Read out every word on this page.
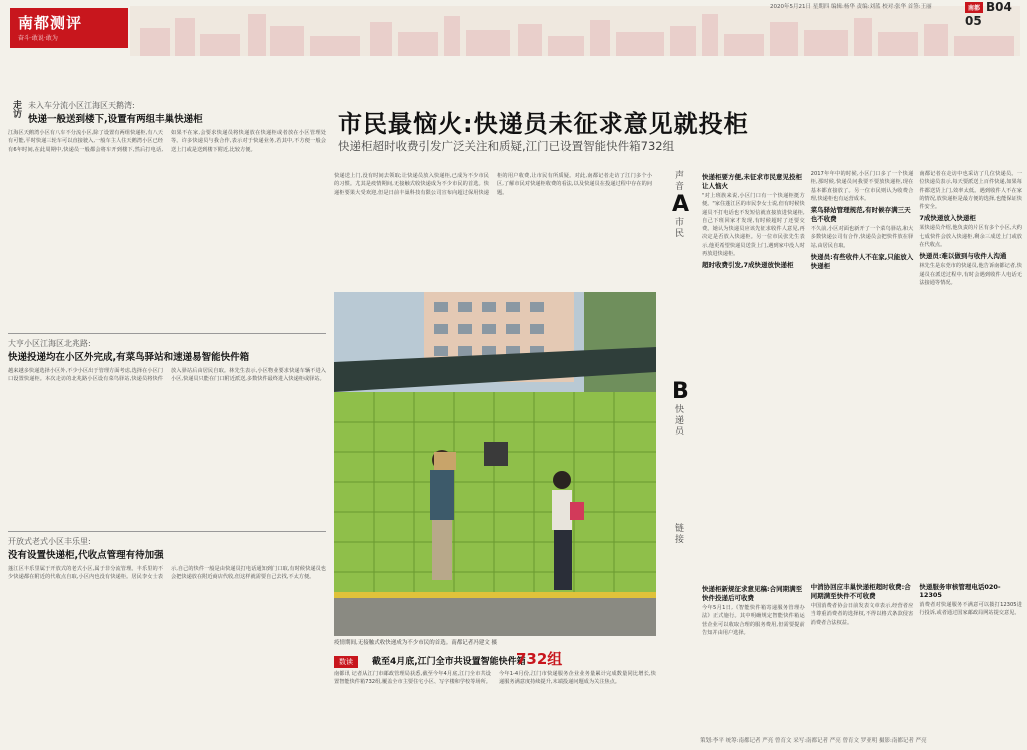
南都测评
奋斗·敢说·敢为
2020年5月21日 星期四 编辑:杨华 责编:刘蓝 校对:张华 首签:王丽	南都 B04 05
走访 未入车分流小区江海区天鹅湾:
快递一般送到楼下,设置有两组丰巢快递柜
江海区天鹅湾小区有八车不分流小区,除了设置有两组快递柜,有八天有可能,平时快递三轮车可以直接驶入,一般车主人住天鹅湾小区已经有6年时间,在此周期中,快递员一般都会将车开到楼下,然后打电话,如果不在家,会要求快递员将快递放在快递柜或者放在小区管理处等。许多快递员与我合作,表示对于快递业务,若其中,不方便一般会送上门或是送到楼下附近,比较方便。
大亨小区江海区北兆路:
快递投递均在小区外完成,有菜鸟驿站和速递易智能快件箱
越来越多快递选择小区外,不少小区出于管理方面考虑,选择在小区门口设置快递柜。本次走访的北兆路小区设有菜鸟驿站,快递员将快件放入驿站后由居民自取。林先生表示,小区物业要求快递车辆不进入小区,快递员只能在门口附近派送,多数快件最终进入快递柜或驿站。
开放式老式小区丰乐里:
没有设置快递柜,代收点管理有待加强
蓬江区丰乐里属于开放式的老式小区,属于非分流管理。丰乐里的不少快递都在附近的代收点自取,小区内也没有快递柜。居民李女士表示,自己的快件一般是由快递员打电话通知到门口取,有时候快递员也会把快递放在附近商店代收,但这样就需要自己去找,不太方便。
市民最恼火:快递员未征求意见就投柜
快递柜超时收费引发广泛关注和质疑,江门已设置智能快件箱732组
快递送上门,没有时间去领取;让快递员放入快递柜,已成为不少市民的习惯。尤其是疫情期间,无接触式收快递成为不少市民的首选。快递柜要果大受欢迎,但是日前丰巢科技有限公司宣布向超过保用快递柜的用户收费,让市民有所质疑。对此,南都记者走访了江门多个小区,了解市民对快递柜收费的看法,以及快递员在投递过程中存在的问题。
疫情期间,无接触式收快递成为不少市民的首选。南都记者冯建文 摄
数读	截至4月底,江门全市共设置智能快件箱
732组
南都讯 记者从江门市邮政管理局获悉,截至今年4月底,江门全市共设置智能快件箱732组,覆盖全市主要住宅小区、写字楼和学校等场所。今年1-4月份,江门市快递服务企业业务量累计完成数量同比增长,快递服务满意度持续提升,末端投递问题成为关注焦点。
声音
A
市民
B
快递员
链接
快递柜要方便,未征求市民意见投柜让人恼火
"对上班族来说,小区门口有一个快递柜挺方便。"家住蓬江区的市民李女士说,但有时候快递员不打电话也不发短信就直接放进快递柜,自己下班回家才发现,有时候超时了还要交费。她认为快递员应该先征求收件人意见,再决定是否放入快递柜。另一位市民张先生表示,他更希望快递员送货上门,遇到家中没人时再放进快递柜。
超时收费引发,7成快递放快递柜
2017年年中的时候,小区门口多了一个快递柜,那时候,快递员问我要不要放快递柜,现在基本都直接放了。另一位市民则认为收费合理,快递柜也有运营成本。
菜鸟驿站管理规范,有时候存满三天也不收费
不久前,小区对面也新开了一个菜鸟驿站,和大多数快递公司有合作,快递员会把快件放在驿站,由居民自取。
快递员:有些收件人不在家,只能放入快递柜
南都记者在走访中也采访了几位快递员。一位快递员表示,每天要派送上百件快递,如果每件都送货上门,效率太低。遇到收件人不在家的情况,放快递柜是最方便的选择,也能保证快件安全。
7成快递放入快递柜
某快递员介绍,他负责的片区有多个小区,大约七成快件会放入快递柜,剩余三成送上门或放在代收点。
快递员:难以做到与收件人沟通
林先生是东莞市的快递员,他告诉南都记者,快递员在派送过程中,有时会遇到收件人电话无法接通等情况。
快递柜新规征求意见稿:合同期满至快件投递后可收费
今年5月1日,《智能快件箱寄递服务管理办法》正式施行。其中明确规定智能快件箱运营企业可以收取合理的服务费用,但需要提前告知并由用户选择。
中消协回应丰巢快递柜超时收费:合同期满至快件不可收费
中国消费者协会日前发表文章表示,经营者应当尊重消费者的选择权,不得以格式条款侵害消费者合法权益。
快递服务审核管理电话020-12305
消费者对快递服务不满意可以拨打12305进行投诉,或者通过国家邮政局网站提交意见。
策划:李平 统筹:南都记者 严亮 曾育文 采写:南都记者 严亮 曾育文 罗亚明 摄影:南都记者 严亮
